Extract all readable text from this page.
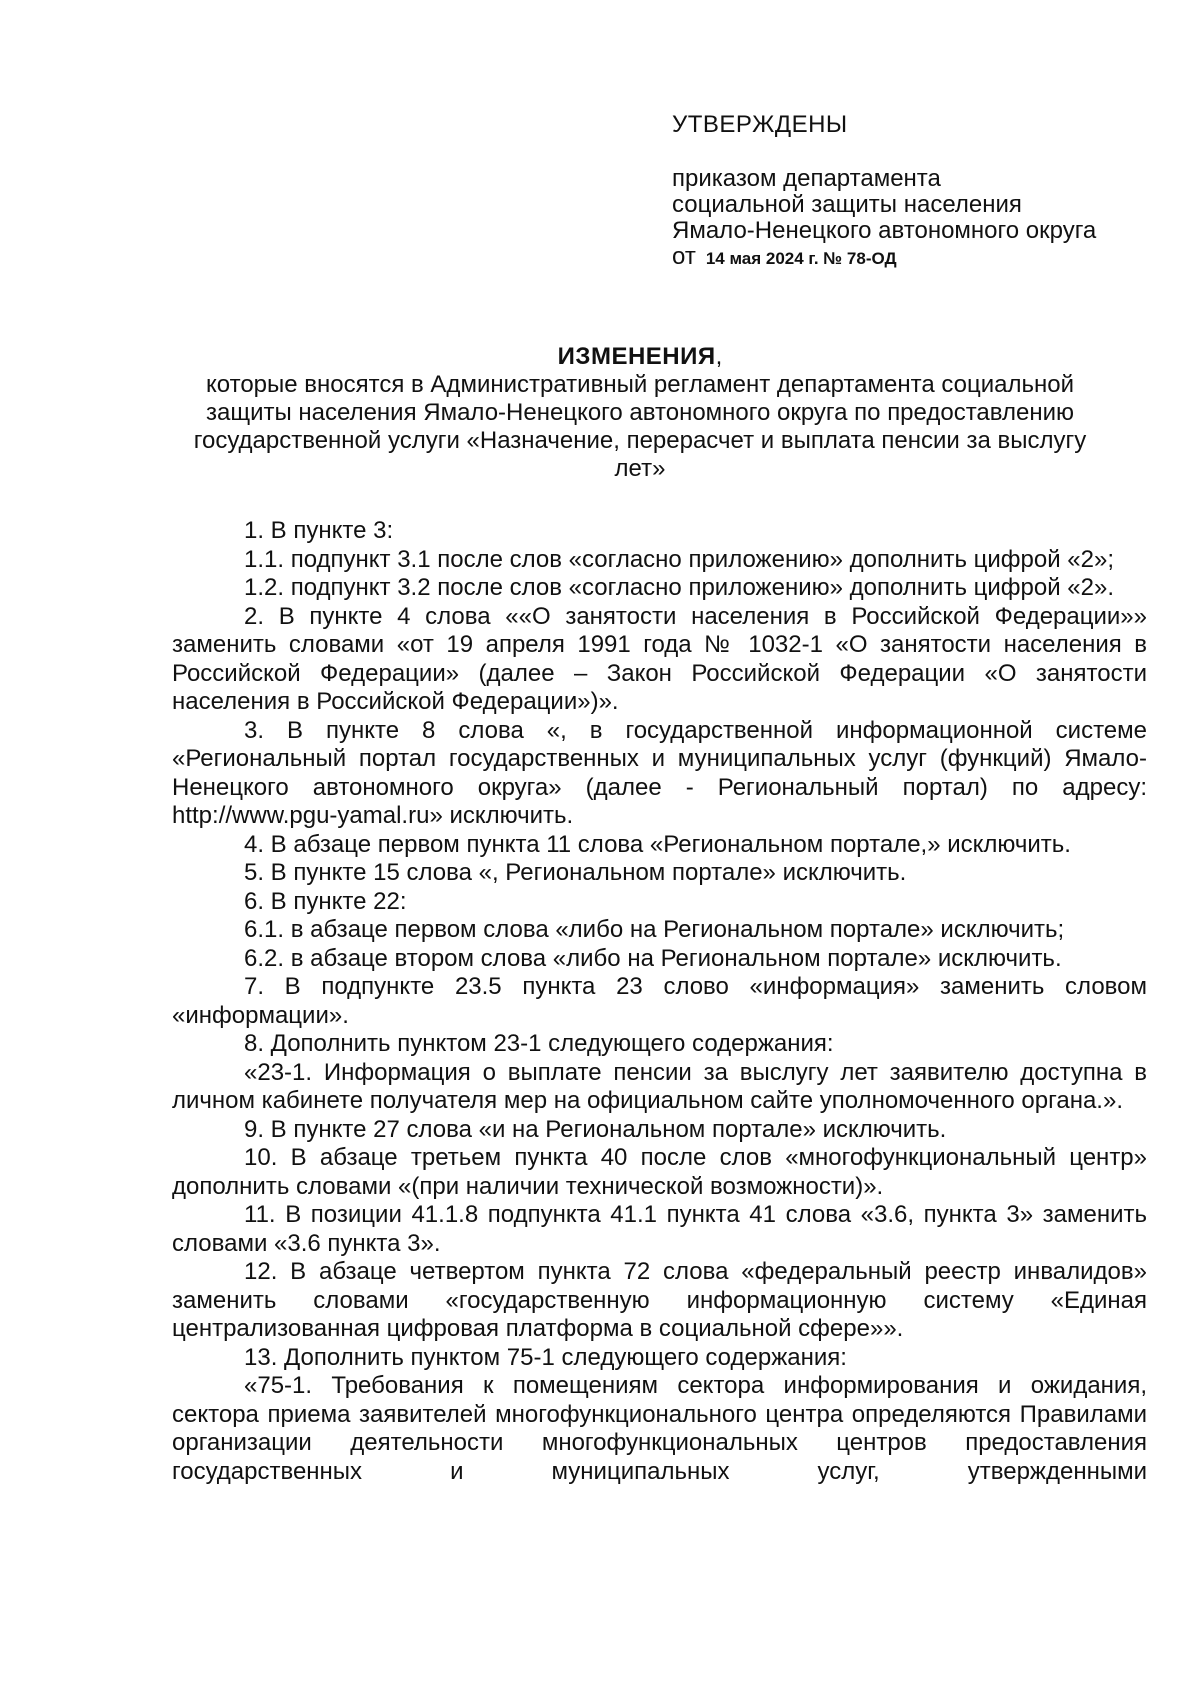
УТВЕРЖДЕНЫ
приказом департамента
социальной защиты населения
Ямало-Ненецкого автономного округа
от 14 мая 2024 г. № 78-ОД
ИЗМЕНЕНИЯ,
которые вносятся в Административный регламент департамента социальной защиты населения Ямало-Ненецкого автономного округа по предоставлению государственной услуги «Назначение, перерасчет и выплата пенсии за выслугу лет»

1. В пункте 3:

1.1. подпункт 3.1 после слов «согласно приложению» дополнить цифрой «2»;

1.2. подпункт 3.2 после слов «согласно приложению» дополнить цифрой «2».

2. В пункте 4 слова ««О занятости населения в Российской Федерации»» заменить словами «от 19 апреля 1991 года № 1032-1 «О занятости населения в Российской Федерации» (далее – Закон Российской Федерации «О занятости населения в Российской Федерации»)».

3. В пункте 8 слова «, в государственной информационной системе «Региональный портал государственных и муниципальных услуг (функций) Ямало-Ненецкого автономного округа» (далее - Региональный портал) по адресу: http://www.pgu-yamal.ru» исключить.

4. В абзаце первом пункта 11 слова «Региональном портале,» исключить.

5. В пункте 15 слова «, Региональном портале» исключить.

6. В пункте 22:

6.1. в абзаце первом слова «либо на Региональном портале» исключить;

6.2. в абзаце втором слова «либо на Региональном портале» исключить.

7. В подпункте 23.5 пункта 23 слово «информация» заменить словом «информации».

8. Дополнить пунктом 23-1 следующего содержания:

«23-1. Информация о выплате пенсии за выслугу лет заявителю доступна в личном кабинете получателя мер на официальном сайте уполномоченного органа.».

9. В пункте 27 слова «и на Региональном портале» исключить.

10. В абзаце третьем пункта 40 после слов «многофункциональный центр» дополнить словами «(при наличии технической возможности)».

11. В позиции 41.1.8 подпункта 41.1 пункта 41 слова «3.6, пункта 3» заменить словами «3.6 пункта 3».

12. В абзаце четвертом пункта 72 слова «федеральный реестр инвалидов» заменить словами «государственную информационную систему «Единая централизованная цифровая платформа в социальной сфере»».

13. Дополнить пунктом 75-1 следующего содержания:

«75-1. Требования к помещениям сектора информирования и ожидания, сектора приема заявителей многофункционального центра определяются Правилами организации деятельности многофункциональных центров предоставления государственных и муниципальных услуг, утвержденными
